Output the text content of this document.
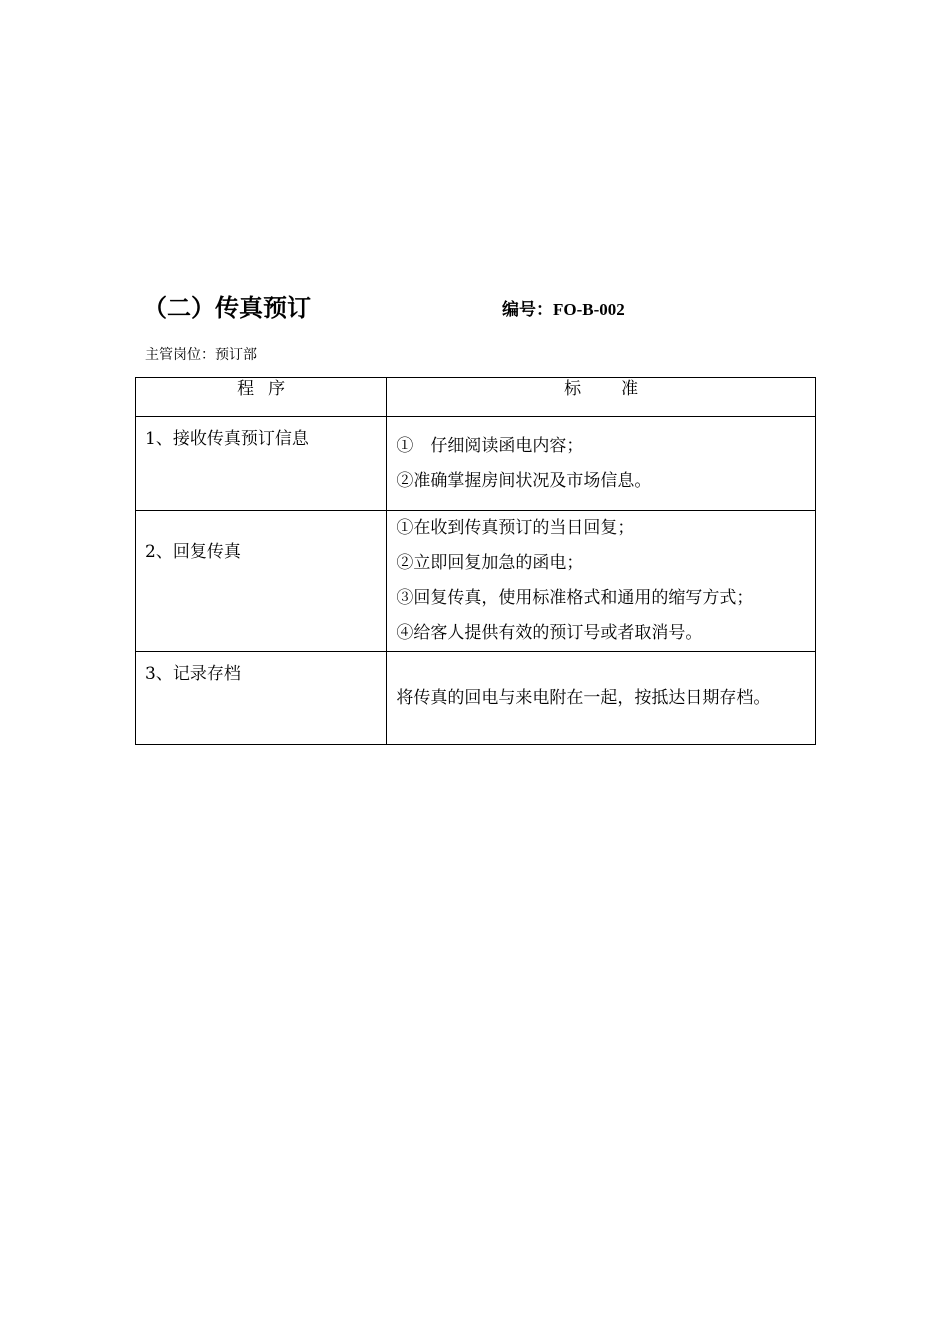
（二）传真预订	编号：FO-B-002
主管岗位：预订部
程序	标准
1、接收传真预订信息	①　仔细阅读函电内容；
②准确掌握房间状况及市场信息。

2、回复传真	①在收到传真预订的当日回复；
②立即回复加急的函电；
③回复传真，使用标准格式和通用的缩写方式；
④给客人提供有效的预订号或者取消号。

3、记录存档	将传真的回电与来电附在一起，按抵达日期存档。
